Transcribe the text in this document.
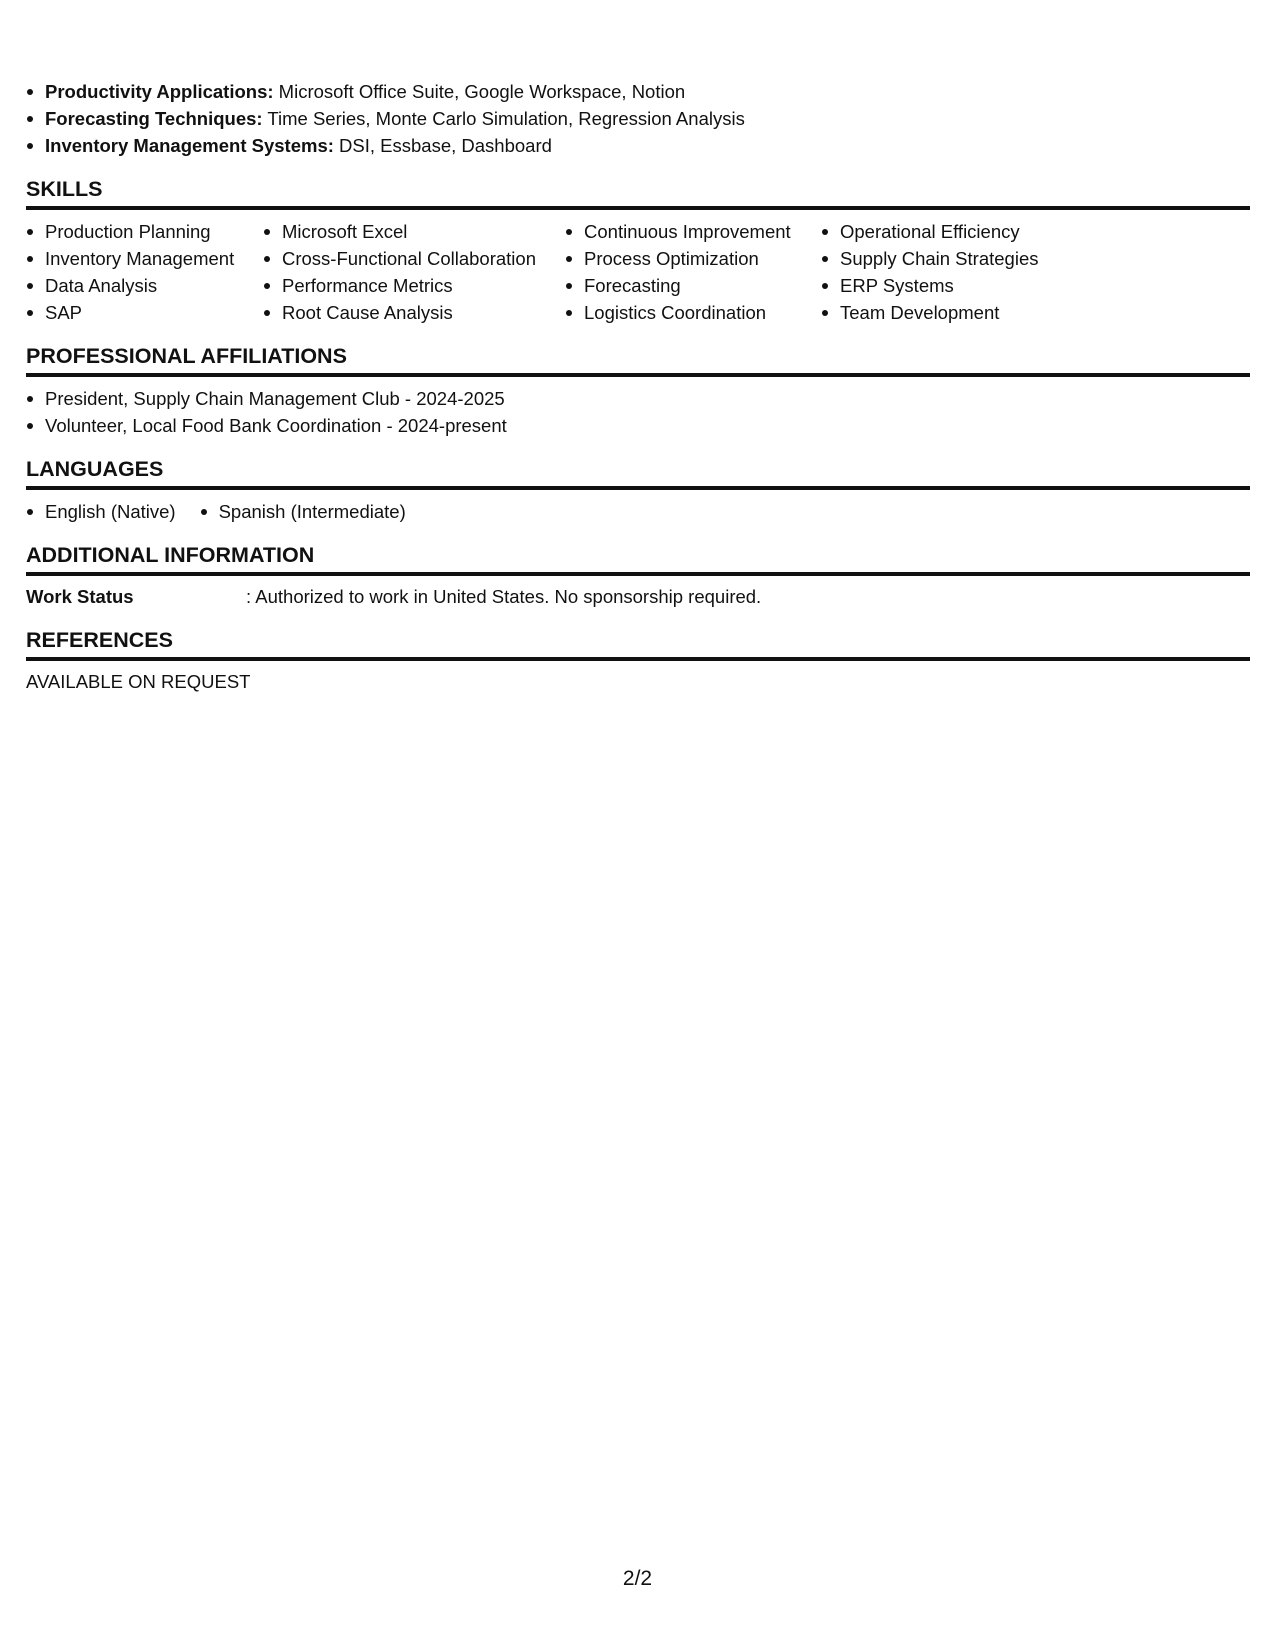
Productivity Applications: Microsoft Office Suite, Google Workspace, Notion
Forecasting Techniques: Time Series, Monte Carlo Simulation, Regression Analysis
Inventory Management Systems: DSI, Essbase, Dashboard
SKILLS
Production Planning
Inventory Management
Data Analysis
SAP
Microsoft Excel
Cross-Functional Collaboration
Performance Metrics
Root Cause Analysis
Continuous Improvement
Process Optimization
Forecasting
Logistics Coordination
Operational Efficiency
Supply Chain Strategies
ERP Systems
Team Development
PROFESSIONAL AFFILIATIONS
President, Supply Chain Management Club - 2024-2025
Volunteer, Local Food Bank Coordination - 2024-present
LANGUAGES
English (Native)	Spanish (Intermediate)
ADDITIONAL INFORMATION
Work Status	: Authorized to work in United States. No sponsorship required.
REFERENCES

AVAILABLE ON REQUEST

2/2
